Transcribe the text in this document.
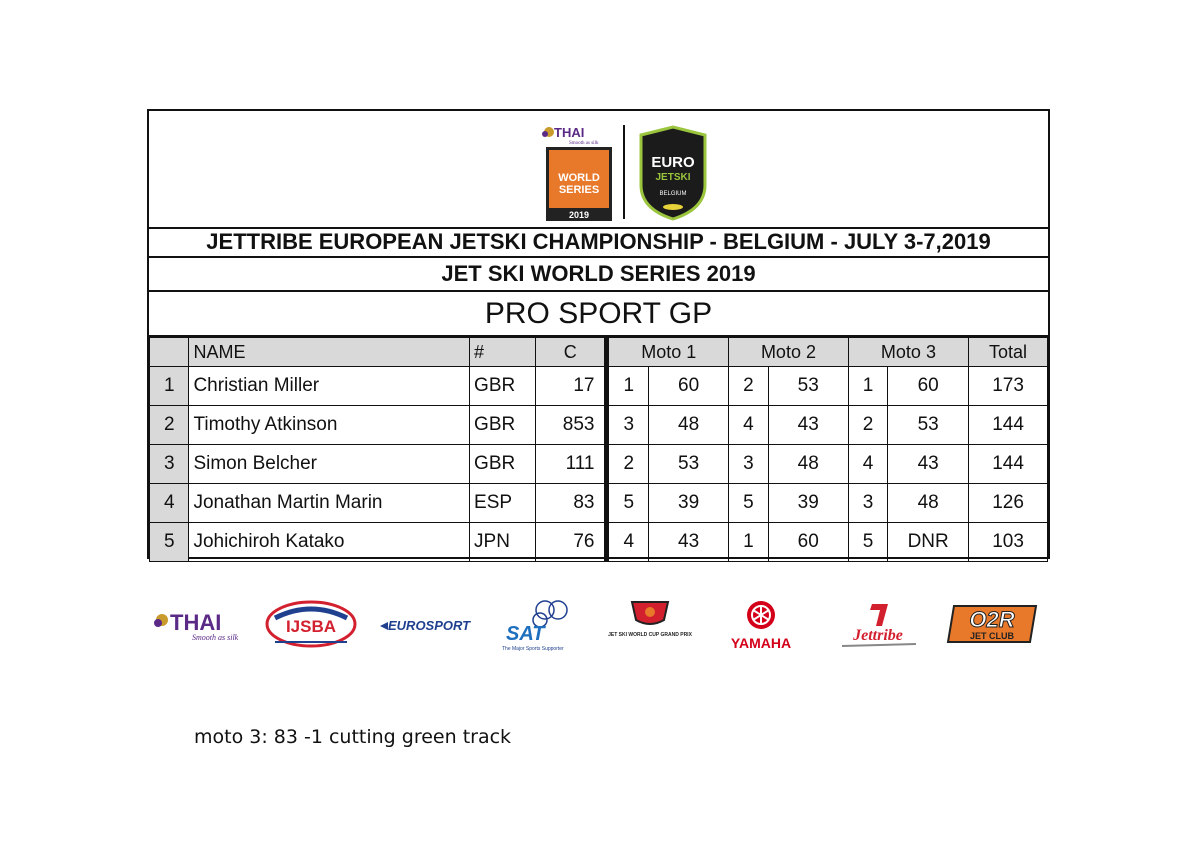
THAI
Smooth as silk
WORLD
SERIES
2019
EURO
JETSKI
BELGIUM
JETTRIBE EUROPEAN JETSKI CHAMPIONSHIP - BELGIUM - JULY 3-7,2019
JET SKI WORLD SERIES 2019
PRO SPORT GP
	NAME	#	C	Moto 1		Moto 2		Moto 3		Total
1	Christian Miller	GBR	17	1	60	2	53	1	60	173
2	Timothy Atkinson	GBR	853	3	48	4	43	2	53	144
3	Simon Belcher	GBR	111	2	53	3	48	4	43	144
4	Jonathan Martin Marin	ESP	83	5	39	5	39	3	48	126
5	Johichiroh Katako	JPN	76	4	43	1	60	5	DNR	103
THAI
Smooth as silk
IJSBA	EUROSPORT SAT
The Major Sports Supporter
JET SKI WORLD CUP GRAND PRIX	YAMAHA	Jettribe
O2R
JET CLUB
moto 3: 83 -1 cutting green track
